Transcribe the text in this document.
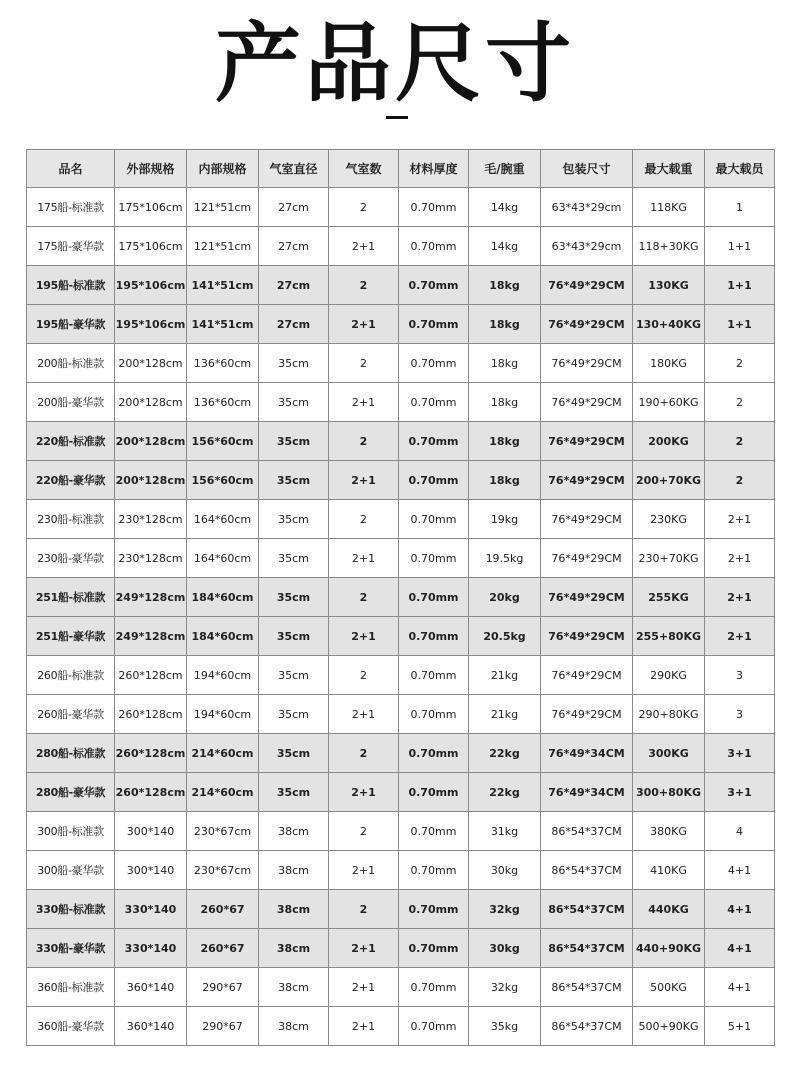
产品尺寸
品名	外部规格	内部规格	气室直径	气室数	材料厚度	毛/腕重	包装尺寸	最大载重	最大载员
175船-标准款	175*106cm	121*51cm	27cm	2	0.70mm	14kg	63*43*29cm	118KG	1
175船-豪华款	175*106cm	121*51cm	27cm	2+1	0.70mm	14kg	63*43*29cm	118+30KG	1+1
195船-标准款	195*106cm	141*51cm	27cm	2	0.70mm	18kg	76*49*29CM	130KG	1+1
195船-豪华款	195*106cm	141*51cm	27cm	2+1	0.70mm	18kg	76*49*29CM	130+40KG	1+1
200船-标准款	200*128cm	136*60cm	35cm	2	0.70mm	18kg	76*49*29CM	180KG	2
200船-豪华款	200*128cm	136*60cm	35cm	2+1	0.70mm	18kg	76*49*29CM	190+60KG	2
220船-标准款	200*128cm	156*60cm	35cm	2	0.70mm	18kg	76*49*29CM	200KG	2
220船-豪华款	200*128cm	156*60cm	35cm	2+1	0.70mm	18kg	76*49*29CM	200+70KG	2
230船-标准款	230*128cm	164*60cm	35cm	2	0.70mm	19kg	76*49*29CM	230KG	2+1
230船-豪华款	230*128cm	164*60cm	35cm	2+1	0.70mm	19.5kg	76*49*29CM	230+70KG	2+1
251船-标准款	249*128cm	184*60cm	35cm	2	0.70mm	20kg	76*49*29CM	255KG	2+1
251船-豪华款	249*128cm	184*60cm	35cm	2+1	0.70mm	20.5kg	76*49*29CM	255+80KG	2+1
260船-标准款	260*128cm	194*60cm	35cm	2	0.70mm	21kg	76*49*29CM	290KG	3
260船-豪华款	260*128cm	194*60cm	35cm	2+1	0.70mm	21kg	76*49*29CM	290+80KG	3
280船-标准款	260*128cm	214*60cm	35cm	2	0.70mm	22kg	76*49*34CM	300KG	3+1
280船-豪华款	260*128cm	214*60cm	35cm	2+1	0.70mm	22kg	76*49*34CM	300+80KG	3+1
300船-标准款	300*140	230*67cm	38cm	2	0.70mm	31kg	86*54*37CM	380KG	4
300船-豪华款	300*140	230*67cm	38cm	2+1	0.70mm	30kg	86*54*37CM	410KG	4+1
330船-标准款	330*140	260*67	38cm	2	0.70mm	32kg	86*54*37CM	440KG	4+1
330船-豪华款	330*140	260*67	38cm	2+1	0.70mm	30kg	86*54*37CM	440+90KG	4+1
360船-标准款	360*140	290*67	38cm	2+1	0.70mm	32kg	86*54*37CM	500KG	4+1
360船-豪华款	360*140	290*67	38cm	2+1	0.70mm	35kg	86*54*37CM	500+90KG	5+1
